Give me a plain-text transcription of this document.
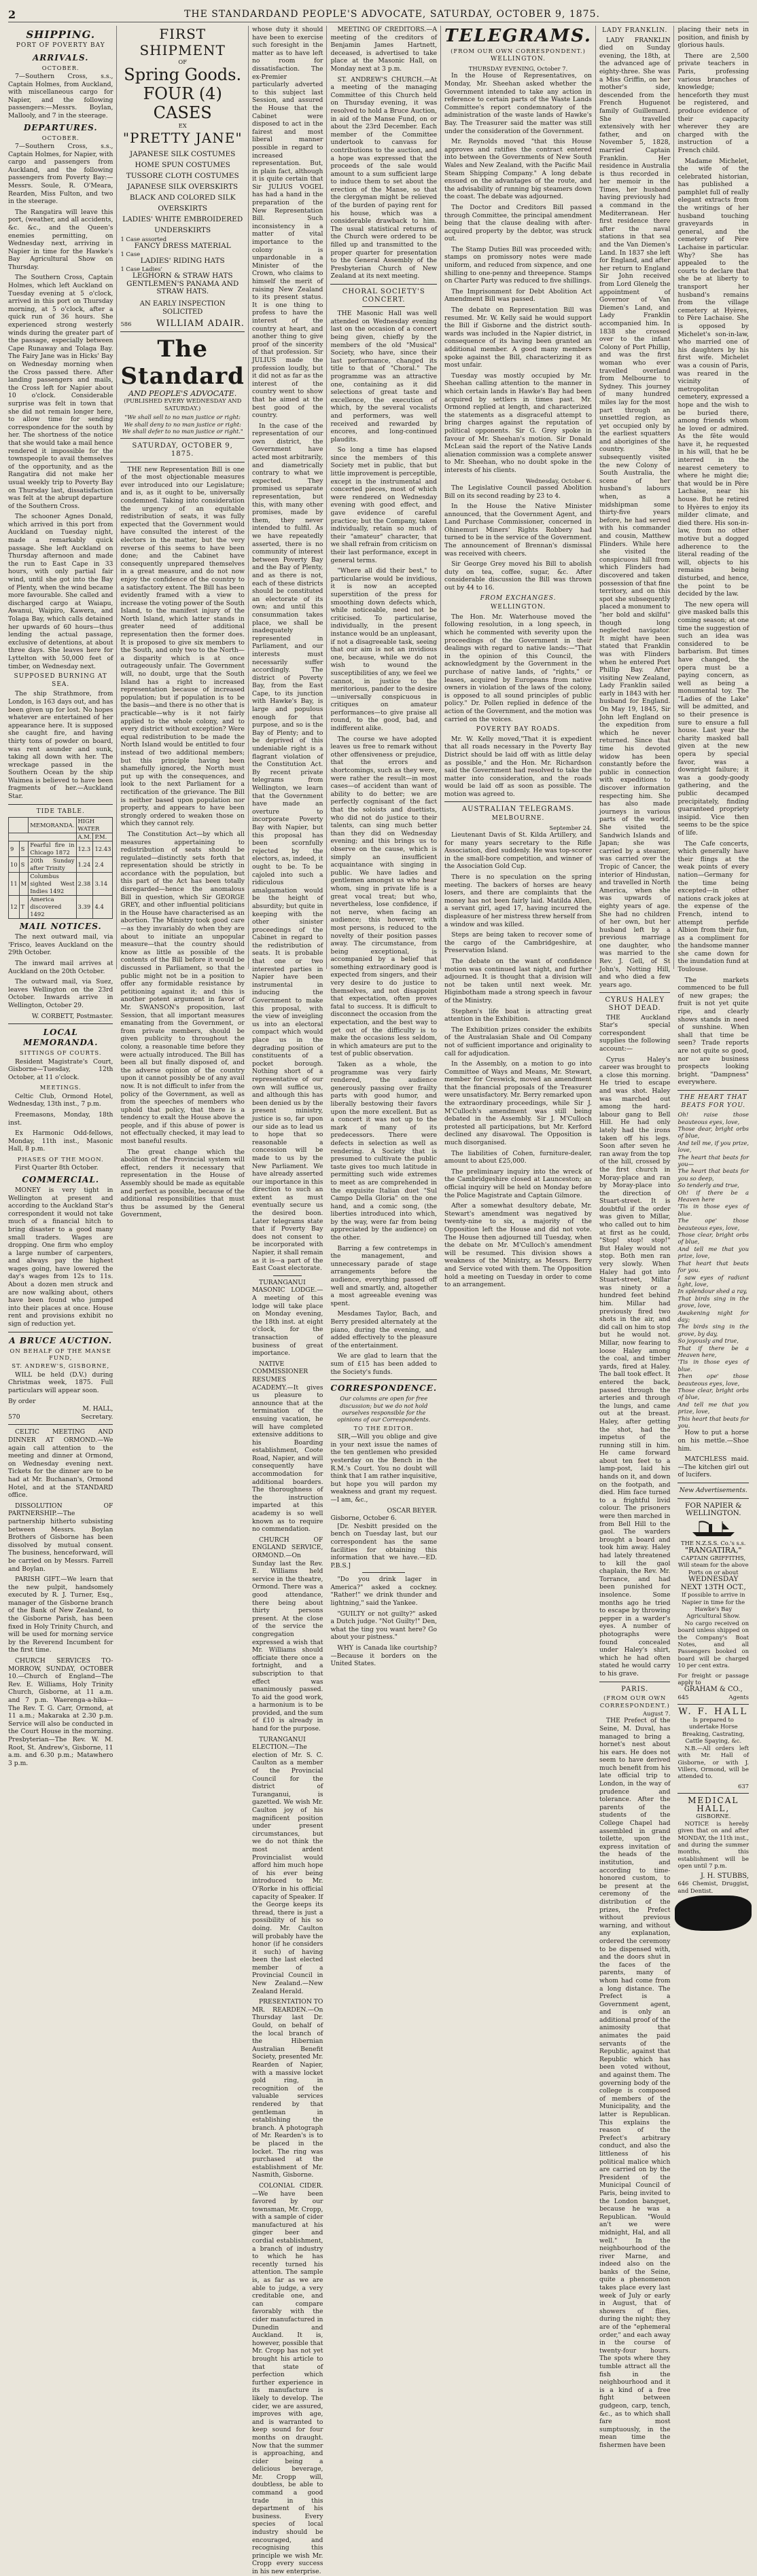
2	THE STANDARDAND PEOPLE'S ADVOCATE, SATURDAY, OCTOBER 9, 1875.
SHIPPING.
PORT OF POVERTY BAY
ARRIVALS.
OCTOBER.

7—Southern Cross, s.s., Captain Holmes, from Auckland, with miscellaneous cargo for Napier, and the following passengers:—Messrs. Boylan, Mallooly, and 7 in the steerage.

DEPARTURES.
OCTOBER.

7—Southern Cross, s.s., Captain Holmes, for Napier, with cargo and passengers from Auckland, and the following passengers from Poverty Bay:—Messrs. Soule, R. O'Meara, Rearden, Miss Fulton, and two in the steerage.

The Rangatira will leave this port, (weather, and all accidents, &c. &c., and the Queen's enemies permitting, on Wednesday next, arriving in Napier in time for the Hawke's Bay Agricultural Show on Thursday.

The Southern Cross, Captain Holmes, which left Auckland on Tuesday evening at 5 o'clock, arrived in this port on Thursday morning, at 5 o'clock, after a quick run of 36 hours. She experienced strong westerly winds during the greater part of the passage, especially between Cape Runaway and Tolaga Bay. The Fairy Jane was in Hicks' Bay on Wednesday morning when the Cross passed there. After landing passengers and mails, the Cross left for Napier about 10 o'clock. Considerable surprise was felt in town that she did not remain longer here, to allow time for sending correspondence for the south by her. The shortness of the notice that she would take a mail hence rendered it impossible for the townspeople to avail themselves of the opportunity, and as the Rangatira did not make her usual weekly trip to Poverty Bay on Thursday last, dissatisfaction was felt at the abrupt departure of the Southern Cross.

The schooner Agnes Donald, which arrived in this port from Auckland on Tuesday night, made a remarkably quick passage. She left Auckland on Thursday afternoon and made the run to East Cape in 33 hours, with only partial fair wind, until she got into the Bay of Plenty, when the wind became more favourable. She called and discharged cargo at Waiapu, Awanui, Waipiro, Kawera, and Tolaga Bay, which calls detained her upwards of 60 hours—thus lending the actual passage, exclusive of detentions, at about three days. She leaves here for Lyttelton with 50,000 feet of timber, on Wednesday next.

SUPPOSED BURNING AT SEA.

The ship Strathmore, from London, is 163 days out, and has been given up for lost. No hopes whatever are entertained of her appearance here. It is supposed she caught fire, and having thirty tons of powder on board, was rent asunder and sunk, taking all down with her. The wreckage passed in the Southern Ocean by the ship Waimea is believed to have been fragments of her.—Auckland Star.

TIDE TABLE.
		MEMORANDA.	HIGH WATER	
			A.M.	P.M.
9	S	Fearful fire in Chicago 1872	12.3	12.43
10	S	20th Sunday after Trinity	1.24	2.4
11	M	Columbus sighted West Indies 1492	2.38	3.14
12	T	America discovered 1492	3.39	4.4
MAIL NOTICES.

The next outward mail, via 'Frisco, leaves Auckland on the 29th October.

The inward mail arrives at Auckland on the 20th October.

The outward mail, via Suez, leaves Wellington on the 23rd October. Inwards arrive in Wellington, October 29.

W. CORBETT, Postmaster.
LOCAL MEMORANDA.
SITTINGS OF COURTS.

Resident Magistrate's Court, Gisborne—Tuesday, 12th October, at 11 o'clock.

MEETINGS.

Celtic Club, Ormond Hotel, Wednesday, 13th inst., 7 p.m.

Freemasons, Monday, 18th inst.

Ex Harmonic Odd-fellows, Monday, 11th inst., Masonic Hall, 8 p.m.

PHASES OF THE MOON.

First Quarter 8th October.

COMMERCIAL.

MONEY is very tight in Wellington at present and according to the Auckland Star's correspondent it would not take much of a financial hitch to bring disaster to a good many small traders. Wages are dropping. One firm who employ a large number of carpenters, and always pay the highest wages going, have lowered the day's wages from 12s to 11s. About a dozen men struck and are now walking about, others have been found who jumped into their places at once. House rent and provisions exhibit no sign of reduction yet.

A BRUCE AUCTION.
ON BEHALF OF THE MANSE FUND,
ST. ANDREW'S, GISBORNE,

WILL be held (D.V.) during Christmas week, 1875. Full particulars will appear soon.

By order
M. HALL,
570	Secretary.

CELTIC MEETING AND DINNER AT ORMOND.—We again call attention to the meeting and dinner at Ormond, on Wednesday evening next. Tickets for the dinner are to be had at Mr. Buchanan's, Ormond Hotel, and at the STANDARD office.

DISSOLUTION OF PARTNERSHIP.—The partnership hitherto subsisting between Messrs. Boylan Brothers of Gisborne has been dissolved by mutual consent. The business, henceforward, will be carried on by Messrs. Farrell and Boylan.

PARISH GIFT.—We learn that the new pulpit, handsomely executed by R. J. Turner, Esq., manager of the Gisborne branch of the Bank of New Zealand, to the Gisborne Parish, has been fixed in Holy Trinity Church, and will be used for morning service by the Reverend Incumbent for the first time.

CHURCH SERVICES TO-MORROW, SUNDAY, OCTOBER 10.—Church of England—The Rev. E. Williams, Holy Trinity Church, Gisborne, at 11 a.m. and 7 p.m. Waerenga-a-hika—The Rev. T. G. Carr, Ormond, at 11 a.m.; Makaraka at 2.30 p.m. Service will also be conducted in the Court House in the morning. Presbyterian—The Rev. W. M. Root, St. Andrew's, Gisborne, 11 a.m. and 6.30 p.m.; Matawhero 3 p.m.

FIRST SHIPMENT
OF
Spring Goods.
FOUR (4) CASES
EX
"PRETTY JANE"
JAPANESE SILK COSTUMES
HOME SPUN COSTUMES
TUSSORE CLOTH COSTUMES
JAPANESE SILK OVERSKIRTS
BLACK AND COLORED SILK OVERSKIRTS
LADIES' WHITE EMBROIDERED UNDERSKIRTS
1 Case assorted
FANCY DRESS MATERIAL
1 Case
LADIES' RIDING HATS
1 Case Ladies'
LEGHORN & STRAW HATS
GENTLEMEN'S PANAMA AND STRAW HATS.
AN EARLY INSPECTION SOLICITED
586	WILLIAM ADAIR.
The Standard
AND PEOPLE'S ADVOCATE.
(PUBLISHED EVERY WEDNESDAY AND SATURDAY.)
"We shall sell to no man justice or right: We shall deny to no man justice or right: We shall defer to no man justice or right."
SATURDAY, OCTOBER 9, 1875.

THE new Representation Bill is one of the most objectionable measures ever introduced into our Legislature; and is, as it ought to be, universally condemned. Taking into consideration the urgency of an equitable redistribution of seats, it was fully expected that the Government would have consulted the interest of the electors in the matter, but the very reverse of this seems to have been done; and the Cabinet have consequently unprepared themselves in a great measure, and do not now enjoy the confidence of the country to a satisfactory extent. The Bill has been evidently framed with a view to increase the voting power of the South Island, to the manifest injury of the North Island, which latter stands in greater need of additional representation then the former does. It is proposed to give six members to the South, and only two to the North—a disparity which is at once outrageously unfair. The Government will, no doubt, urge that the South Island has a right to increased representation because of increased population; but if population is to be the basis—and there is no other that is practicable—why is it not fairly applied to the whole colony, and to every district without exception? Were equal redistribution to be made the North Island would be entitled to four instead of two additional members; but this principle having been shamefully ignored, the North must put up with the consequences, and look to the next Parliament for a rectification of the grievance. The Bill is neither based upon population nor property, and appears to have been strongly ordered to weaken those on which they cannot rely.

The Constitution Act—by which all measures appertaining to redistribution of seats should be regulated—distinctly sets forth that representation should be strictly in accordance with the population, but this part of the Act has been totally disregarded—hence the anomalous Bill in question, which Sir GEORGE GREY, and other influential politicians in the House have characterised as an abortion. The Ministry took good care—as they invariably do when they are about to initiate an unpopular measure—that the country should know as little as possible of the contents of the Bill before it would be discussed in Parliament, so that the public might not be in a position to offer any formidable resistance by petitioning against it; and this is another potent argument in favor of Mr. SWANSON's proposition, last Session, that all important measures emanating from the Government, or from private members, should be given publicity to throughout the colony, a reasonable time before they were actually introduced. The Bill has been all but finally disposed of, and the adverse opinion of the country upon it cannot possibly be of any avail now. It is not difficult to infer from the policy of the Government, as well as from the speeches of members who uphold that policy, that there is a tendency to exalt the House above the people, and if this abuse of power is not effectually checked, it may lead to most baneful results.

The great change which the abolition of the Provincial system will effect, renders it necessary that representation in the House of Assembly should be made as equitable and perfect as possible, because of the additional responsibilities that must thus be assumed by the General Government,

whose duty it should have been to exercise such foresight in the matter as to have left no room for dissatisfaction. The ex-Premier particularly adverted to this subject last Session, and assured the House that the Cabinet were disposed to act in the fairest and most liberal manner possible in regard to increased representation. But, in plain fact, although it is quite certain that Sir JULIUS VOGEL has had a hand in the preparation of the New Representation Bill. Such inconsistency in a matter of vital importance to the colony is unpardonable in a Minister of the Crown, who claims to himself the merit of raising New Zealand to its present status. It is one thing to profess to have the interest of the country at heart, and another thing to give proof of the sincerity of that profession. Sir JULIUS made the profession loudly, but it did not as far as the interest of the country went to show that he aimed at the best good of the country.

In the case of the representation of our own district, the Government have acted most arbitrarily, and diametrically contrary to what we expected. They promised us separate representation, but this, with many other promises, made by them, they never intended to fulfil. As we have repeatedly asserted, there is no community of interest between Poverty Bay and the Bay of Plenty, and as there is not, each of these districts should be constituted an electorate of its own; and until this consummation takes place, we shall be inadequately represented in Parliament, and our interests must necessarily suffer accordingly. The district of Poverty Bay, from the East Cape, to its junction with Hawke's Bay, is large and populous enough for that purpose, and so is the Bay of Plenty; and to be deprived of this undeniable right is a flagrant violation of the Constitution Act. By recent private telegrams from Wellington, we learn that the Government have made an overture to incorporate Poverty Bay with Napier, but this proposal has been scornfully rejected by the electors, as, indeed, it ought to be. To be cajoled into such a ridiculous amalgamation would be the height of absurdity; but quite in keeping with the other sinister proceedings of the Cabinet in regard to the redistribution of seats. It is probable that one or two interested parties in Napier have been instrumental in inducing the Government to make this proposal, with the view of inveigling us into an electoral compact which would place us in the degrading position of constituents of a pocket borough. Nothing short of a representative of our own will suffice us, and although this has been denied us by the present ministry, justice is so, far upon our side as to lead us to hope that so reasonable a concession will be made to us by the New Parliament. We have already asserted our importance in this direction to such an extent as must eventually secure us the desired boon. Later telegrams state that if Poverty Bay does not consent to be incorporated with Napier, it shall remain as it is—a part of the East Coast electorate.

TURANGANUI MASONIC LODGE.—A meeting of this lodge will take place on Monday evening, the 18th inst. at eight o'clock, for the transaction of business of great importance.

NATIVE COMMISSIONER RESUMES ACADEMY.—It gives us pleasure to announce that at the termination of the ensuing vacation, he will have completed extensive additions to his Boarding establishment, Coote Road, Napier, and will consequently have accommodation for additional boarders. The thoroughness of the instruction imparted at this academy is so well known as to require no commendation.

CHURCH OF ENGLAND SERVICE, ORMOND.—On Sunday last the Rev. E. Williams held service in the theatre, Ormond. There was a good attendance, there being about thirty persons present. At the close of the service the congregation expressed a wish that Mr. Williams should officiate there once a fortnight, and a subscription to that effect was unanimously passed. To aid the good work, a harmonium is to be provided, and the sum of £10 is already in hand for the purpose.

TURANGANUI ELECTION.—The election of Mr. S. C. Caulton as a member of the Provincial Council for the district of Turanganui, is gazetted. We wish Mr. Caulton joy of his magnificent position under present circumstances, but we do not think the most ardent Provincialist would afford him much hope of his ever being introduced to Mr. O'Rorke in his official capacity of Speaker. If the George keeps its thread, there is just a possibility of his so doing. Mr. Caulton will probably have the honor (if he considers it such) of having been the last elected member of a Provincial Council in New Zealand.—New Zealand Herald.

PRESENTATION TO MR. REARDEN.—On Thursday last Dr. Gould, on behalf of the local branch of the Hibernian Australian Benefit Society, presented Mr. Rearden of Napier, with a massive locket gold ring, in recognition of the valuable services rendered by that gentleman in establishing the branch. A photograph of Mr. Rearden's is to be placed in the locket. The ring was purchased at the establishment of Mr. Nasmith, Gisborne.

COLONIAL CIDER.—We have been favored by our townsman, Mr. Cropp, with a sample of cider manufactured at his ginger beer and cordial establishment, a branch of industry to which he has recently turned his attention. The sample is, as far as we are able to judge, a very creditable one, and can compare favorably with the cider manufactured in Dunedin and Auckland. It is, however, possible that Mr. Cropp has not yet brought his article to that state of perfection which further experience in its manufacture is likely to develop. The cider, we are assured, improves with age, and is warranted to keep sound for four months on draught. Now that the summer is approaching, and cider being a delicious beverage, Mr. Cropp will, doubtless, be able to command a good trade in this department of his business. Every species of local industry should be encouraged, and recognising this principle we wish Mr. Cropp every success in his new enterprise.

MEETING OF CREDITORS.—A meeting of the creditors of Benjamin James Hartnett, deceased, is advertised to take place at the Masonic Hall, on Monday next at 3 p.m.

ST. ANDREW'S CHURCH.—At a meeting of the managing Committee of this Church held on Thursday evening, it was resolved to hold a Bruce Auction, in aid of the Manse Fund, on or about the 23rd December. Each member of the Committee undertook to canvass for contributions to the auction, and a hope was expressed that the proceeds of the sale would amount to a sum sufficient large to induce them to set about the erection of the Manse, so that the clergyman might be relieved of the burden of paying rent for his house, which was a considerable drawback to him. The usual statistical returns of the Church were ordered to be filled up and transmitted to the proper quarter for presentation to the General Assembly of the Presbyterian Church of New Zealand at its next meeting.

CHORAL SOCIETY'S CONCERT.

THE Masonic Hall was well attended on Wednesday evening last on the occasion of a concert being given, chiefly by the members of the old "Musical" Society, who have, since their last performance, changed its title to that of "Choral." The programme was an attractive one, containing as it did selections of great taste and excellence, the execution of which, by the several vocalists and performers, was well received and rewarded by encores, and long-continued plaudits.

So long a time has elapsed since the members of this Society met in public, that but little improvement is perceptible, except in the instrumental and concerted pieces, most of which were rendered on Wednesday evening with good effect, and gave evidence of careful practice; but the Company, taken individually, retain so much of their "amateur" character, that we shall refrain from criticism on their last performance, except in general terms.

"Where all did their best," to particularise would be invidious, it is now an accepted superstition of the press for smoothing down defects which, while noticeable, need not be criticised. To particularise, individually, in the present instance would be an unpleasant, if not a disagreeable task, seeing that our aim is not an invidious one, because, while we do not wish to wound the susceptibilities of any, we feel we cannot, in justice to the meritorious, pander to the desire—universally conspicuous in critiques on amateur performances—to give praise all round, to the good, bad, and indifferent alike.

The course we have adopted leaves us free to remark without other offensiveness or prejudice, that the errors and shortcomings, such as they were, were rather the result—in most cases—of accident than want of ability to do better; we are perfectly cognisant of the fact that the soloists and duettists, who did not do justice to their talents, can sing much better than they did on Wednesday evening; and this brings us to observe on the cause, which is simply an insufficient acquaintance with singing in public. We have ladies and gentlemen amongst us who hear whom, sing in private life is a great vocal treat; but who, nevertheless, lose confidence, if not nerve, when facing an audience; this however, with most persons, is reduced to the novelty of their position passes away. The circumstance, from being exceptional, is accompanied by a belief that something extraordinary good is expected from singers, and their very desire to do justice to themselves, and not disappoint that expectation, often proves fatal to success. It is difficult to disconnect the occasion from the expectation, and the best way to get out of the difficulty is to make the occasions less seldom, in which amateurs are put to the test of public observation.

Taken as a whole, the programme was very fairly rendered, the audience generously passing over frailty parts with good humor, and liberally bestowing their favors upon the more excellent. But as a concert it was not up to the mark of many of its predecessors. There were defects in selection as well as rendering. A Society that is presumed to cultivate the public taste gives too much latitude in permitting such wide extremes to meet as are comprehended in the exquisite Italian duet "Sul Campo Della Gloria" on the one hand, and a comic song, (the liberties introduced into which, by the way, were far from being appreciated by the audience) on the other.

Barring a few contretemps in the management, and unnecessary parade of stage arrangements before the audience, everything passed off well and smartly, and, altogether a most agreeable evening was spent.

Mesdames Taylor, Bach, and Berry presided alternately at the piano, during the evening, and added effectively to the pleasure of the entertainment.

We are glad to learn that the sum of £15 has been added to the Society's funds.

CORRESPONDENCE.
Our columns are open for free discussion; but we do not hold ourselves responsible for the opinions of our Correspondents.
TO THE EDITOR.

SIR,—Will you oblige and give in your next issue the names of the ten gentlemen who presided yesterday on the Bench in the R.M.'s Court. You no doubt will think that I am rather inquisitive, but hope you will pardon my weakness and grant my request.—I am, &c.,

OSCAR BEYER.
Gisborne, October 6.

[Dr. Nesbitt presided on the bench on Tuesday last, but our correspondent has the same facilities for obtaining this information that we have.—ED. P.B.S.]

"Do you drink lager in America?" asked a cockney. "Rather!" we drink thunder and lightning," said the Yankee.

"GUILTY or not guilty?" asked a Dutch judge. "Not Guilty!" Den, what the ting you want here? Go about your pistness."

WHY is Canada like courtship?—Because it borders on the United States.

TELEGRAMS.
(FROM OUR OWN CORRESPONDENT.)
WELLINGTON.
THURSDAY EVENING, October 7.

In the House of Representatives, on Monday, Mr. Sheehan asked whether the Government intended to take any action in reference to certain parts of the Waste Lands Committee's report condemnatory of the administration of the waste lands of Hawke's Bay. The Treasurer said the matter was still under the consideration of the Government.

Mr. Reynolds moved "that this House approves and ratifies the contract entered into between the Governments of New South Wales and New Zealand, with the Pacific Mail Steam Shipping Company." A long debate ensued on the advantages of the route, and the advisability of running big steamers down the coast. The debate was adjourned.

The Doctor and Creditors Bill passed through Committee, the principal amendment being that the clause dealing with after-acquired property by the debtor, was struck out.

The Stamp Duties Bill was proceeded with; stamps on promissory notes were made uniform, and reduced from sixpence, and one shilling to one-penny and threepence. Stamps on Charter Party was reduced to five shillings.

The Imprisonment for Debt Abolition Act Amendment Bill was passed.

The debate on Representation Bill was resumed. Mr. W. Kelly said he would support the Bill if Gisborne and the district south-wards was included in the Napier district, in consequence of its having been granted an additional member. A good many members spoke against the Bill, characterizing it as most unfair.

Tuesday was mostly occupied by Mr. Sheehan calling attention to the manner in which certain lands in Hawke's Bay had been acquired by settlers in times past. Mr. Ormond replied at length, and characterized the statements as a disgraceful attempt to bring charges against the reputation of political opponents. Sir G. Grey spoke in favour of Mr. Sheehan's motion. Sir Donald McLean said the report of the Native Lands alienation commission was a complete answer to Mr. Sheehan, who no doubt spoke in the interests of his clients.

Wednesday, October 6.

The Legislative Council passed Abolition Bill on its second reading by 23 to 4.

In the House the Native Minister announced, that the Government Agent, and Land Purchase Commissioner, concerned in Ohinemuri Miners' Rights Robbery had turned to be in the service of the Government. The announcement of Brennan's dismissal was received with cheers.

Sir George Grey moved his Bill to abolish duty on tea, coffee, sugar, &c. After considerable discussion the Bill was thrown out by 44 to 16.

FROM EXCHANGES.
WELLINGTON.

The Hon. Mr. Waterhouse moved the following resolution, in a long speech, in which he commented with severity upon the proceedings of the Government in their dealings with regard to native lands:—"That in the opinion of this Council, the acknowledgment by the Government in the purchase of native lands, of "rights," or leases, acquired by Europeans from native owners in violation of the laws of the colony, is opposed to all sound principles of public policy." Dr. Pollen replied in defence of the action of the Government, and the motion was carried on the voices.

POVERTY BAY ROADS.

Mr. W. Kelly moved,"That it is expedient that all roads necessary in the Poverty Bay District should be laid off with as little delay as possible," and the Hon. Mr. Richardson said the Government had resolved to take the matter into consideration, and the roads would be laid off as soon as possible. The motion was agreed to.

AUSTRALIAN TELEGRAMS.
MELBOURNE.
September 24.

Lieutenant Davis of St. Kilda Artillery, and for many years secretary to the Rifle Association, died suddenly. He was top-scorer in the small-bore competition, and winner of the Association Gold Cup.

There is no speculation on the spring meeting. The backers of horses are heavy losers, and there are complaints that the money has not been fairly laid. Matilda Allen, a servant girl, aged 17, having incurred the displeasure of her mistress threw herself from a window and was killed.

Steps are being taken to recover some of the cargo of the Cambridgeshire, at Preservation Island.

The debate on the want of confidence motion was continued last night, and further adjourned. It is thought that a division will not be taken until next week. Mr. Higinbotham made a strong speech in favour of the Ministry.

Stephen's life boat is attracting great attention in the Exhibition.

The Exhibition prizes consider the exhibits of the Australasian Shale and Oil Company not of sufficient importance and originality to call for adjudication.

In the Assembly, on a motion to go into Committee of Ways and Means, Mr. Stewart, member for Creswick, moved an amendment that the financial proposals of the Treasurer were unsatisfactory. Mr. Berry remarked upon the extraordinary proceedings, while Sir J. M'Culloch's amendment was still being debated in the Assembly. Sir J. M'Culloch protested all participations, but Mr. Kerford declined any disavowal. The Opposition is much disorganised.

The liabilities of Cohen, furniture-dealer, amount to about £25,000.

The preliminary inquiry into the wreck of the Cambridgeshire closed at Launceston; an official inquiry will be held on Monday before the Police Magistrate and Captain Gilmore.

After a somewhat desultory debate, Mr. Stewart's amendment was negatived by twenty-nine to six, a majority of the Opposition left the House and did not vote. The House then adjourned till Tuesday, when the debate on Mr. M'Culloch's amendment will be resumed. This division shows a weakness of the Ministry, as Messrs. Berry and Service voted with them. The Opposition hold a meeting on Tuesday in order to come to an arrangement.

LADY FRANKLIN.

LADY FRANKLIN died on Sunday evening, the 18th, at the advanced age of eighty-three. She was a Miss Griffin, on her mother's side, descended from the French Huguenot family of Guillemard. She travelled extensively with her father, and on November 5, 1828, married Captain Franklin. Her residence in Australia is thus recorded in her memoir in the Times, her husband having previously had a command in the Mediterranean. Her first residence there after the naval stations in that sea and the Van Diemen's Land. In 1837 she left for England, and after her return to England Sir John received from Lord Glenelg the appointment of Governor of Van Diemen's Land, and Lady Franklin accompanied him. In 1838 she crossed over to the infant Colony of Port Phillip, and was the first woman who ever travelled overland from Melbourne to Sydney. This journey of many hundred miles lay for the most part through an unsettled region, as yet occupied only by the earliest squatters and aborigines of the country. She subsequently visited the new Colony of South Australia, the scene of her husband's labours when, as a midshipman some thirty-five years before, he had served with his commander and cousin, Matthew Flinders. While here she visited the conspicuous hill from which Flinders had discovered and taken possession of that fine territory, and on this spot she subsequently placed a monument to "her bold and skilful" though long neglected navigator. It might have been stated that Franklin was with Flinders when he entered Port Phillip Bay. After visiting New Zealand, Lady Franklin sailed early in 1843 with her husband for England. On May 19, 1845, Sir John left England on the expedition from which he never returned. Since that time his devoted widow has been constantly before the public in connection with expeditions to discover information respecting him. She has also made journeys in various parts of the world. She visited the Sandwich Islands and Japan; she was carried by a steamer, was carried over the Tropic of Cancer, the interior of Hindustan, and travelled in North America, when she was upwards of eighty years of age. She had no children of her own, but her husband left by a previous marriage one daughter, who was married to the Rev. J. Gell, of St John's, Notting Hill, and who died a few years ago.

CYRUS HALEY SHOT DEAD.

THE Auckland Star's special correspondent supplies the following account:—

Cyrus Haley's career was brought to a close this morning. He tried to escape and was shot. Haley was marched out among the hard-labour gang to Bell Hill. He had only lately had the irons taken off his legs. Soon after seven he ran away from the top of the hill, crossed by the first church in Moray-place and ran by Moray-place into the direction of Stuart-street. It is doubtful if the order was given to Millar, who called out to him at first as he could, "Stop! stop! stop!" But Haley would not stop. Both men ran very slowly. When Haley had got into Stuart-street, Millar was ninety or a hundred feet behind him. Millar had previously fired two shots in the air, and did call on him to stop but he would not. Millar, now fearing to loose Haley among the coal, and timber yards, fired at Haley. The ball took effect. It entered the back, passed through the arteries and through the lungs, and came out at the breast. Haley, after getting the shot, had the impetus of the running still in him. He came forward about ten feet to a lamp-post, laid his hands on it, and down on the footpath, and died. Him face turned to a frightful livid colour. The prisoners were then marched in from Bell Hill to the gaol. The warders brought a board and took him away. Haley had lately threatened to kill the gaol chaplain, the Rev. Mr. Torrance, and had been punished for insolence. Some months ago he tried to escape by throwing pepper in a warder's eyes. A number of photographs were found concealed under Haley's shirt, which he had often stated he would carry to his grave.

PARIS.
(FROM OUR OWN CORRESPONDENT.)
August 7.

THE Prefect of the Seine, M. Duval, has managed to bring a hornet's nest about his ears. He does not seem to have derived much benefit from his late official trip to London, in the way of prudence and tolerance. After the parents of the students of the College Chapel had assembled in grand toilette, upon the express invitation of the heads of the institution, and according to time-honored custom, to be present at the ceremony of the distribution of the prizes, the Prefect without previous warning, and without any explanation, ordered the ceremony to be dispensed with, and the doors shut in the faces of the parents, many of whom had come from a long distance. The Prefect is a Government agent, and is only an additional proof of the animosity that animates the paid servants of the Republic, against that Republic which has been voted without, and against them. The governing body of the college is composed of members of the Municipality, and the latter is Republican. This explains the reason of the Prefect's arbitrary conduct, and also the littleness of his political malice which are carried on by the President of the Municipal Council of Paris, being invited to the London banquet, because he was a Republican. "Would an't we were midnight, Hal, and all well." In the neighbourhood of the river Marne, and indeed also on the banks of the Seine, quite a phenomenon takes place every last week of July or early in August, that of showers of flies, during the night; they are of the "ephemeral order," and each away in the course of twenty-four hours. The spots where they tumble attract all the fish in the neighbourhood and it is a kind of a free fight between gudgeon, carp, tench, &c., as to which shall fare most sumptuously, in the mean time the fishermen have been

placing their nets in position, and finish by glorious hauls.

There are 2,500 private teachers in Paris, professing various branches of knowledge; henceforth they must be registered, and produce evidence of their capacity wherever they are charged with the instruction of a French child.

Madame Michelet, the wife of the celebrated historian, has published a pamphlet full of really elegant extracts from the writings of her husband touching graveyards in general, and the cemetery of Père Lachaise in particular. Why? She has appealed to the courts to declare that she be at liberty to transport her husband's remains from the village cemetery at Hyères, to Père Lachaise. She is opposed by Michelet's son-in-law, who married one of his daughters by his first wife. Michelet was a cousin of Paris, was reared in the vicinity of metropolitan cemetery, expressed a hope and the wish to be buried there, among friends whom he loved or admired. As the fête would have it, he requested in his will, that he be interred in the nearest cemetery to where he might die; that would be in Père Lachaise, near his house. But he retired to Hyères to enjoy its milder climate, and died there. His son-in-law, from no other motive but a dogged adherence to the literal reading of the will, objects to his remains being disturbed, and hence, the point to be decided by the law.

The new opera will give masked balls this coming season; at one time the suggestion of such an idea was considered to be barbarism. But times have changed, the opera must be a paying concern, as well as being a monumental toy. The "Ladies of the Lake" will be admitted, and so their presence is sure to ensure a full house. Last year the charity masked ball given at the new opera by special favor, was a downright failure; it was a goody-goody gathering, and the public decamped precipitately, finding guaranteed propriety insipid. Vice then seems to be the spice of life.

The Cafe concerts, which generally have their flings at the weak points of every nation—Germany for the time being excepted—in other nations crack jokes at the expense of the French, intend to attempt perfide Albion from their fun, as a compliment for the handsome manner she came down for the inundation fund at Toulouse.

The markets commenced to be full of new grapes; the fruit is not yet quite ripe, and clearly shows stands in need of sunshine. When shall that time be seen? Trade reports are not quite so good, nor are business prospects looking bright. "Dampness" everywhere.

THE HEART THAT BEATS FOR YOU.

Oh! raise those beauteous eyes, love,

Those dear, bright orbs of blue,

And tell me, if you prize, love,

The heart that beats for you—

The heart that beats for you so deep,

So tenderly and true,

Oh! if there be a Heaven here

'Tis in those eyes of blue.

The ope' those beauteous eyes, love,

Those clear, bright orbs of blue,

And tell me that you prize, love,

That heart that beats for you.

I saw eyes of radiant light, love,

In splendour shed a ray,

That birds sing in the grove, love,

Awakening night for day;

The birds sing in the grove, by day,

So joyously and true,

That if there be a Heaven here,

'Tis in those eyes of blue.

Then ope' those beauteous eyes, love,

Those clear, bright orbs of blue,

And tell me that you prize, love,

This heart that beats for you.

How to put a horse on his mettle.—Shoe him.

MATCHLESS maid.—The kitchen girl out of lucifers.

New Advertisements.
FOR NAPIER & WELLINGTON.
THE N.Z.S.S. Co.'s s.s.
"RANGATIRA,"
CAPTAIN GRIFFITHS,
Will steam for the above Ports on or about
WEDNESDAY NEXT 13TH OCT.,
If possible to arrive in Napier in time for the Hawke's Bay Agricultural Show.

No cargo received on board unless shipped on the Company's Boat Notes, and all Passengers booked on board will be charged 10 per cent extra.

For freight or passage apply to
GRAHAM & CO.,
645	Agents
W. F. HALL
Is prepared to undertake Horse Breaking, Castrating, Cattle Spaying, &c.

N.B.—All orders left with Mr. Hall of Gisborne, or with J. Villers, Ormond, will be attended to.

637
MEDICAL HALL,
GISBORNE.

NOTICE is hereby given that on and after MONDAY, the 11th inst., and during the summer months, this establishment will be open until 7 p.m.

J. H. STUBBS,
646 Chemist, Druggist, and Dentist.
